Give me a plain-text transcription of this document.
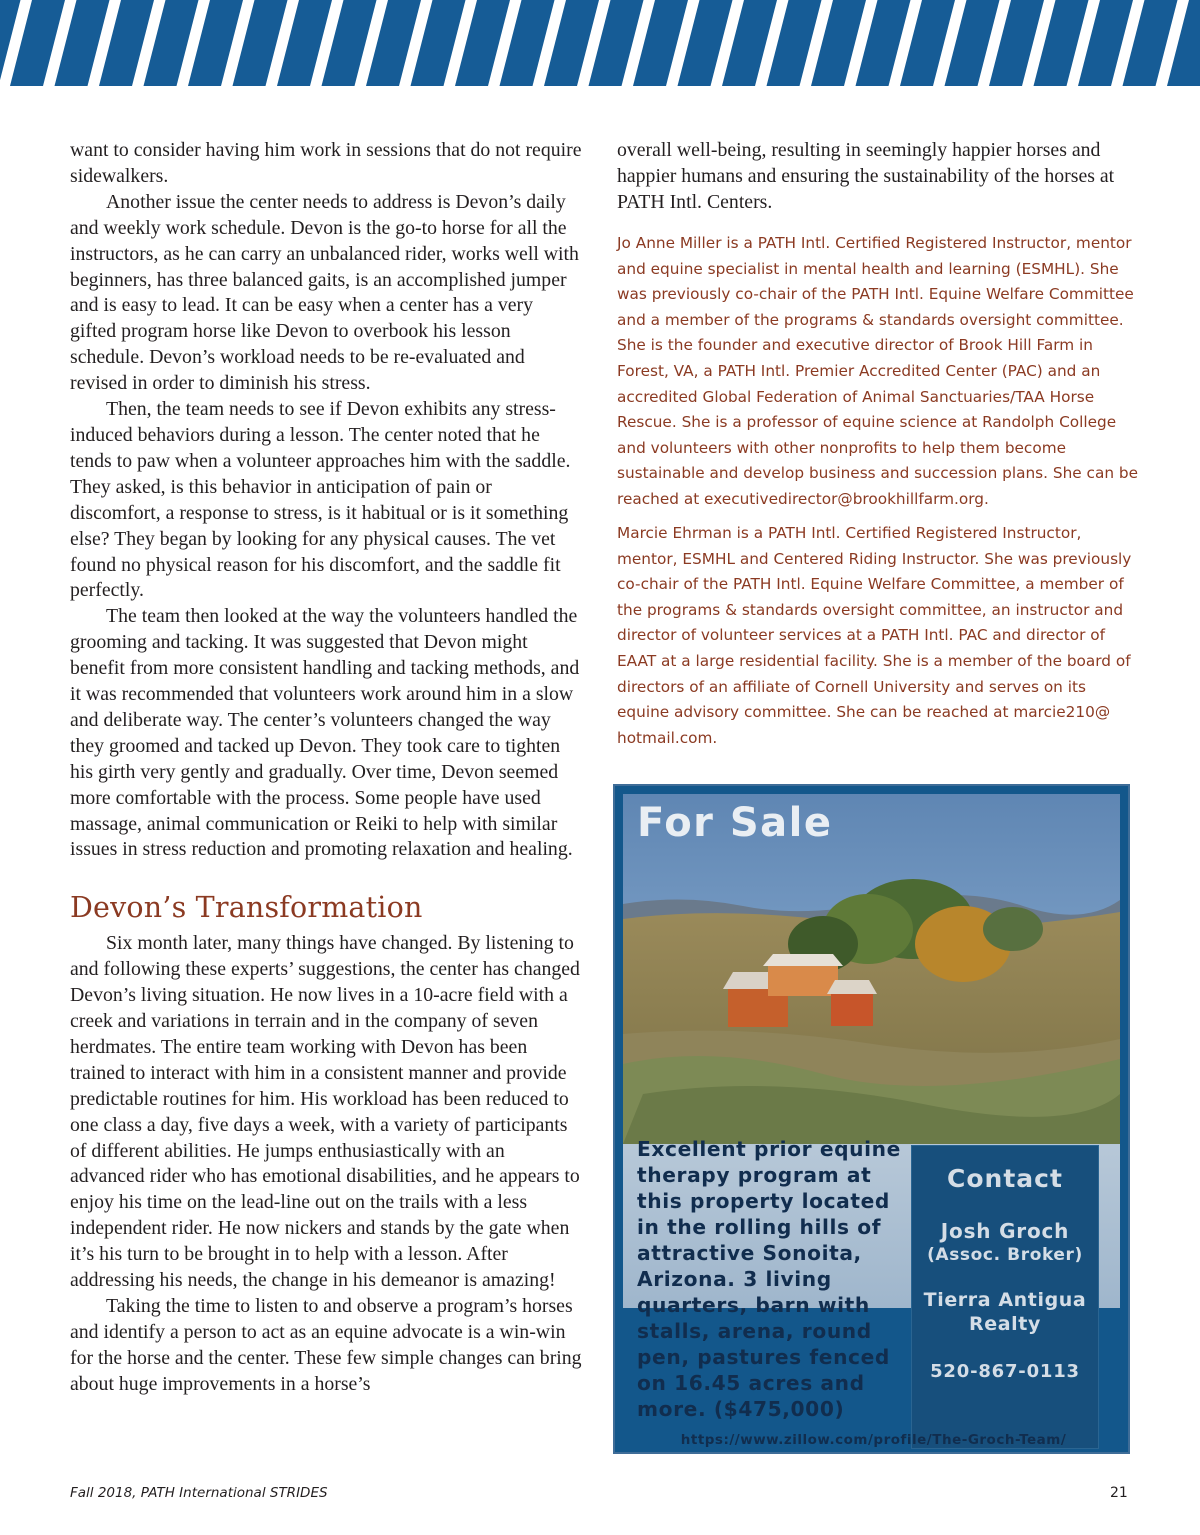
want to consider having him work in sessions that do not require sidewalkers.

Another issue the center needs to address is Devon’s daily and weekly work schedule. Devon is the go-to horse for all the instructors, as he can carry an unbalanced rider, works well with beginners, has three balanced gaits, is an accomplished jumper and is easy to lead. It can be easy when a center has a very gifted program horse like Devon to overbook his lesson schedule. Devon’s workload needs to be re-evaluated and revised in order to diminish his stress.

Then, the team needs to see if Devon exhibits any stress-induced behaviors during a lesson. The center noted that he tends to paw when a volunteer approaches him with the saddle. They asked, is this behavior in anticipation of pain or discomfort, a response to stress, is it habitual or is it something else? They began by looking for any physical causes. The vet found no physical reason for his discomfort, and the saddle fit perfectly.

The team then looked at the way the volunteers handled the grooming and tacking. It was suggested that Devon might benefit from more consistent handling and tacking methods, and it was recommended that volunteers work around him in a slow and deliberate way. The center’s volunteers changed the way they groomed and tacked up Devon. They took care to tighten his girth very gently and gradually. Over time, Devon seemed more comfortable with the process. Some people have used massage, animal communication or Reiki to help with similar issues in stress reduction and promoting relaxation and healing.

Devon’s Transformation

Six month later, many things have changed. By listening to and following these experts’ suggestions, the center has changed Devon’s living situation. He now lives in a 10-acre field with a creek and variations in terrain and in the company of seven herdmates. The entire team working with Devon has been trained to interact with him in a consistent manner and provide predictable routines for him. His workload has been reduced to one class a day, five days a week, with a variety of participants of different abilities. He jumps enthusiastically with an advanced rider who has emotional disabilities, and he appears to enjoy his time on the lead-line out on the trails with a less independent rider. He now nickers and stands by the gate when it’s his turn to be brought in to help with a lesson. After addressing his needs, the change in his demeanor is amazing!

Taking the time to listen to and observe a program’s horses and identify a person to act as an equine advocate is a win-win for the horse and the center. These few simple changes can bring about huge improvements in a horse’s

overall well-being, resulting in seemingly happier horses and happier humans and ensuring the sustainability of the horses at PATH Intl. Centers.

Jo Anne Miller is a PATH Intl. Certified Registered Instructor, mentor and equine specialist in mental health and learning (ESMHL). She was previously co-chair of the PATH Intl. Equine Welfare Committee and a member of the programs & standards oversight committee. She is the founder and executive director of Brook Hill Farm in Forest, VA, a PATH Intl. Premier Accredited Center (PAC) and an accredited Global Federation of Animal Sanctuaries/TAA Horse Rescue. She is a professor of equine science at Randolph College and volunteers with other nonprofits to help them become sustainable and develop business and succession plans. She can be reached at executivedirector@brookhillfarm.org.

Marcie Ehrman is a PATH Intl. Certified Registered Instructor, mentor, ESMHL and Centered Riding Instructor. She was previously co-chair of the PATH Intl. Equine Welfare Committee, a member of the programs & standards oversight committee, an instructor and director of volunteer services at a PATH Intl. PAC and director of EAAT at a large residential facility. She is a member of the board of directors of an affiliate of Cornell University and serves on its equine advisory committee. She can be reached at marcie210@ hotmail.com.

For Sale
Excellent prior equine therapy program at this property located in the rolling hills of attractive Sonoita, Arizona. 3 living quarters, barn with stalls, arena, round pen, pastures fenced on 16.45 acres and more. ($475,000)
Contact
Josh Groch
(Assoc. Broker)
Tierra Antigua
Realty
520-867-0113
https://www.zillow.com/profile/The-Groch-Team/
Fall 2018, PATH International STRIDES	21
